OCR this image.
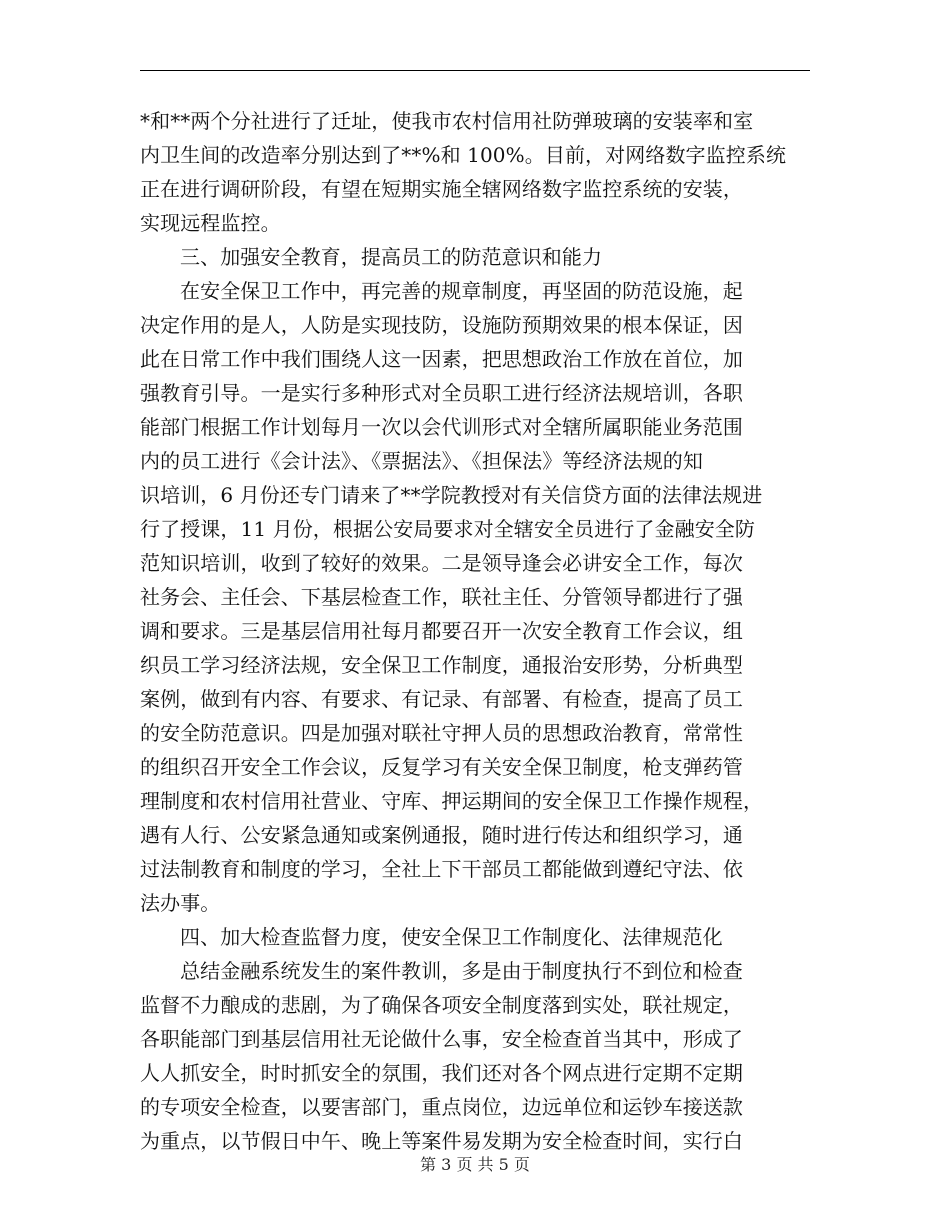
*和**两个分社进行了迁址，使我市农村信用社防弹玻璃的安装率和室
内卫生间的改造率分别达到了**%和 100%。目前，对网络数字监控系统
正在进行调研阶段，有望在短期实施全辖网络数字监控系统的安装，
实现远程监控。
三、加强安全教育，提高员工的防范意识和能力
在安全保卫工作中，再完善的规章制度，再坚固的防范设施，起
决定作用的是人，人防是实现技防，设施防预期效果的根本保证，因
此在日常工作中我们围绕人这一因素，把思想政治工作放在首位，加
强教育引导。一是实行多种形式对全员职工进行经济法规培训，各职
能部门根据工作计划每月一次以会代训形式对全辖所属职能业务范围
内的员工进行《会计法》、《票据法》、《担保法》等经济法规的知
识培训，6 月份还专门请来了**学院教授对有关信贷方面的法律法规进
行了授课，11 月份，根据公安局要求对全辖安全员进行了金融安全防
范知识培训，收到了较好的效果。二是领导逢会必讲安全工作，每次
社务会、主任会、下基层检查工作，联社主任、分管领导都进行了强
调和要求。三是基层信用社每月都要召开一次安全教育工作会议，组
织员工学习经济法规，安全保卫工作制度，通报治安形势，分析典型
案例，做到有内容、有要求、有记录、有部署、有检查，提高了员工
的安全防范意识。四是加强对联社守押人员的思想政治教育，常常性
的组织召开安全工作会议，反复学习有关安全保卫制度，枪支弹药管
理制度和农村信用社营业、守库、押运期间的安全保卫工作操作规程，
遇有人行、公安紧急通知或案例通报，随时进行传达和组织学习，通
过法制教育和制度的学习，全社上下干部员工都能做到遵纪守法、依
法办事。
四、加大检查监督力度，使安全保卫工作制度化、法律规范化
总结金融系统发生的案件教训，多是由于制度执行不到位和检查
监督不力酿成的悲剧，为了确保各项安全制度落到实处，联社规定，
各职能部门到基层信用社无论做什么事，安全检查首当其中，形成了
人人抓安全，时时抓安全的氛围，我们还对各个网点进行定期不定期
的专项安全检查，以要害部门，重点岗位，边远单位和运钞车接送款
为重点，以节假日中午、晚上等案件易发期为安全检查时间，实行白
第 3 页 共 5 页
